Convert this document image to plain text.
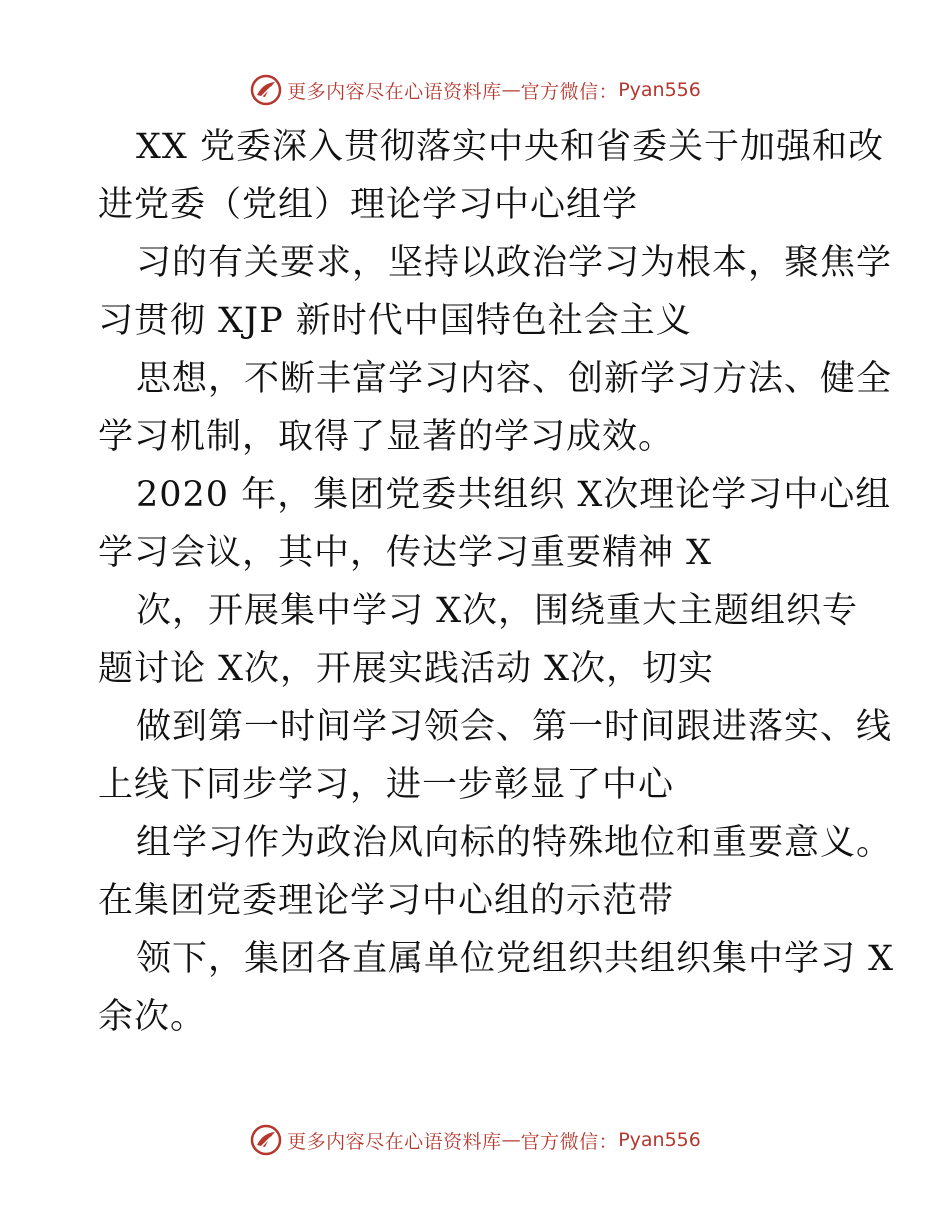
更多内容尽在心语资料库 — 官方微信： Pyan556
XX 党委深入贯彻落实中央和省委关于加强和改
进党委（党组）理论学习中心组学
习的有关要求，坚持以政治学习为根本，聚焦学
习贯彻 XJP 新时代中国特色社会主义
思想，不断丰富学习内容、创新学习方法、健全
学习机制，取得了显著的学习成效。
2020 年，集团党委共组织 X次理论学习中心组
学习会议，其中，传达学习重要精神 X
次，开展集中学习 X次，围绕重大主题组织专
题讨论 X次，开展实践活动 X次，切实
做到第一时间学习领会、第一时间跟进落实、线
上线下同步学习，进一步彰显了中心
组学习作为政治风向标的特殊地位和重要意义。
在集团党委理论学习中心组的示范带
领下，集团各直属单位党组织共组织集中学习 X
余次。
更多内容尽在心语资料库 — 官方微信： Pyan556
